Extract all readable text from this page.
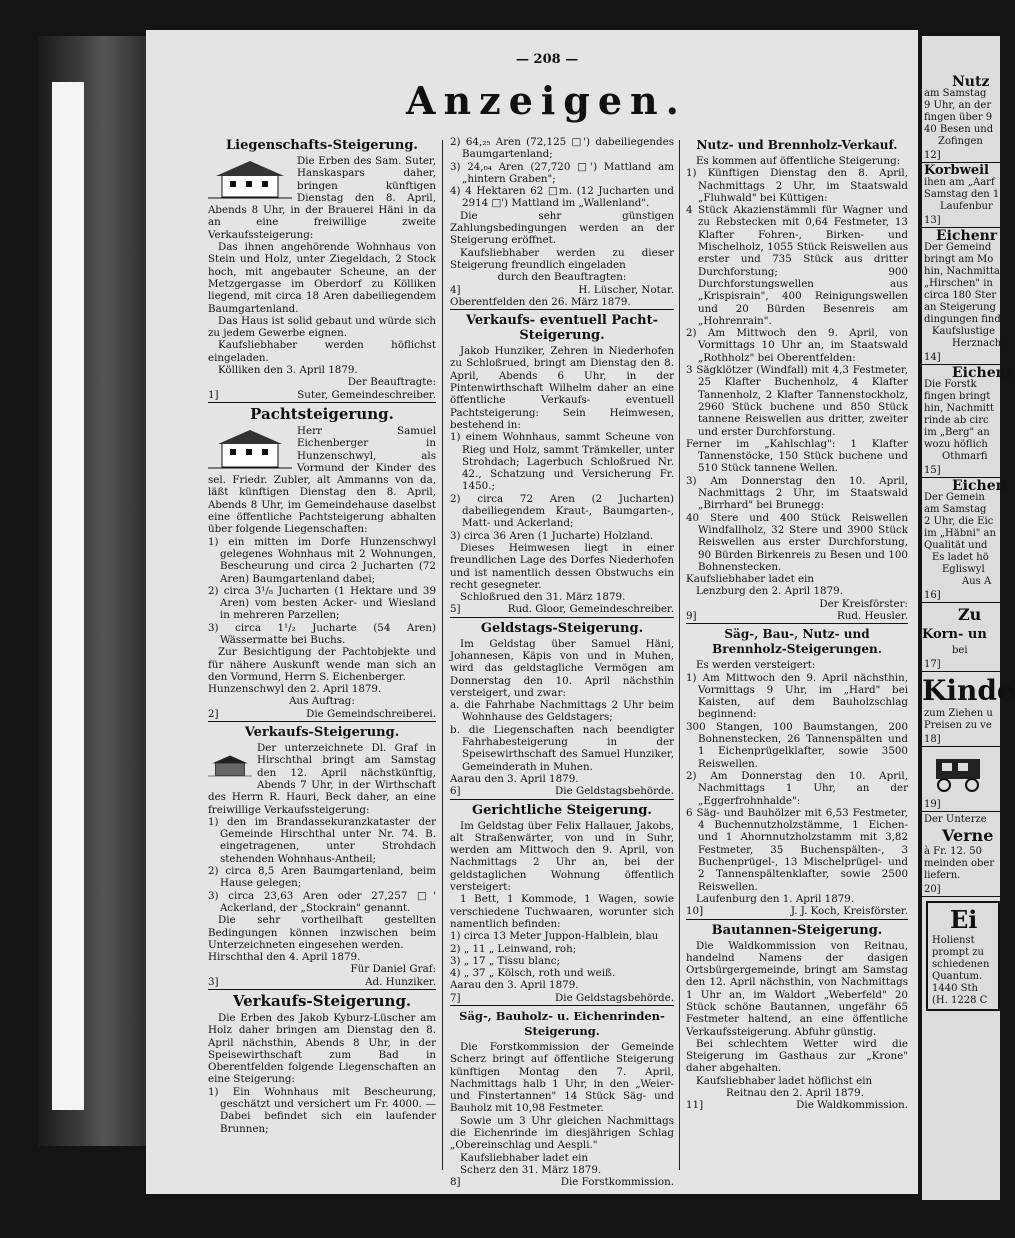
— 208 —
Anzeigen.
Liegenschafts-Steigerung.
Die Erben des Sam. Suter, Hanskaspars daher, bringen künftigen Dienstag den 8. April, Abends 8 Uhr, in der Brauerei Häni in da an eine freiwillige zweite Verkaufssteigerung:

Das ihnen angehörende Wohnhaus von Stein und Holz, unter Ziegeldach, 2 Stock hoch, mit angebauter Scheune, an der Metzgergasse im Oberdorf zu Kölliken liegend, mit circa 18 Aren dabeiliegendem Baumgartenland.

Das Haus ist solid gebaut und würde sich zu jedem Gewerbe eignen.

Kaufsliebhaber werden höflichst eingeladen.

Kölliken den 3. April 1879.
Der Beauftragte:
1]	Suter, Gemeindeschreiber.
Pachtsteigerung.
Herr Samuel Eichenberger in Hunzenschwyl, als Vormund der Kinder des sel. Friedr. Zubler, alt Ammanns von da, läßt künftigen Dienstag den 8. April, Abends 8 Uhr, im Gemeindehause daselbst eine öffentliche Pachtsteigerung abhalten über folgende Liegenschaften:

1) ein mitten im Dorfe Hunzenschwyl gelegenes Wohnhaus mit 2 Wohnungen, Bescheurung und circa 2 Jucharten (72 Aren) Baumgartenland dabei;

2) circa 3¹/₈ Jucharten (1 Hektare und 39 Aren) vom besten Acker- und Wiesland in mehreren Parzellen;

3) circa 1¹/₂ Jucharte (54 Aren) Wässermatte bei Buchs.

Zur Besichtigung der Pachtobjekte und für nähere Auskunft wende man sich an den Vormund, Herrn S. Eichenberger.

Hunzenschwyl den 2. April 1879.
Aus Auftrag:
2]	Die Gemeindschreiberei.
Verkaufs-Steigerung.
Der unterzeichnete Dl. Graf in Hirschthal bringt am Samstag den 12. April nächstkünftig, Abends 7 Uhr, in der Wirthschaft des Herrn R. Hauri, Beck daher, an eine freiwillige Verkaufssteigerung:

1) den im Brandassekuranzkataster der Gemeinde Hirschthal unter Nr. 74. B. eingetragenen, unter Strohdach stehenden Wohnhaus-Antheil;

2) circa 8,5 Aren Baumgartenland, beim Hause gelegen;

3) circa 23,63 Aren oder 27,257 □' Ackerland, der „Stockrain" genannt.

Die sehr vortheilhaft gestellten Bedingungen können inzwischen beim Unterzeichneten eingesehen werden.

Hirschthal den 4. April 1879.
Für Daniel Graf:
3]	Ad. Hunziker.
Verkaufs-Steigerung.

Die Erben des Jakob Kyburz-Lüscher am Holz daher bringen am Dienstag den 8. April nächsthin, Abends 8 Uhr, in der Speisewirthschaft zum Bad in Oberentfelden folgende Liegenschaften an eine Steigerung:

1) Ein Wohnhaus mit Bescheurung, geschätzt und versichert um Fr. 4000. — Dabei befindet sich ein laufender Brunnen;

2) 64,₂₅ Aren (72,125 □') dabeiliegendes Baumgartenland;

3) 24,₀₄ Aren (27,720 □') Mattland am „hintern Graben";

4) 4 Hektaren 62 □m. (12 Jucharten und 2914 □') Mattland im „Wallenland".

Die sehr günstigen Zahlungsbedingungen werden an der Steigerung eröffnet.

Kaufsliebhaber werden zu dieser Steigerung freundlich eingeladen

durch den Beauftragten:
4]	H. Lüscher, Notar.
Oberentfelden den 26. März 1879.
Verkaufs- eventuell Pacht-Steigerung.

Jakob Hunziker, Zehren in Niederhofen zu Schloßrued, bringt am Dienstag den 8. April, Abends 6 Uhr, in der Pintenwirthschaft Wilhelm daher an eine öffentliche Verkaufs- eventuell Pachtsteigerung: Sein Heimwesen, bestehend in:

1) einem Wohnhaus, sammt Scheune von Rieg und Holz, sammt Trämkeller, unter Strohdach; Lagerbuch Schloßrued Nr. 42., Schatzung und Versicherung Fr. 1450.;

2) circa 72 Aren (2 Jucharten) dabeiliegendem Kraut-, Baumgarten-, Matt- und Ackerland;

3) circa 36 Aren (1 Jucharte) Holzland.

Dieses Heimwesen liegt in einer freundlichen Lage des Dorfes Niederhofen und ist namentlich dessen Obstwuchs ein recht gesegneter.

Schloßrued den 31. März 1879.
5]	Rud. Gloor, Gemeindeschreiber.
Geldstags-Steigerung.

Im Geldstag über Samuel Häni, Johannesen, Käpis von und in Muhen, wird das geldstagliche Vermögen am Donnerstag den 10. April nächsthin versteigert, und zwar:

a. die Fahrhabe Nachmittags 2 Uhr beim Wohnhause des Geldstagers;

b. die Liegenschaften nach beendigter Fahrhabesteigerung in der Speisewirthschaft des Samuel Hunziker, Gemeinderath in Muhen.

Aarau den 3. April 1879.
6]	Die Geldstagsbehörde.
Gerichtliche Steigerung.

Im Geldstag über Felix Hallauer, Jakobs, alt Straßenwärter, von und in Suhr, werden am Mittwoch den 9. April, von Nachmittags 2 Uhr an, bei der geldstaglichen Wohnung öffentlich versteigert:

1 Bett, 1 Kommode, 1 Wagen, sowie verschiedene Tuchwaaren, worunter sich namentlich befinden:

1) circa 13 Meter Juppon-Halblein, blau

2) „ 11 „ Leinwand, roh;

3) „ 17 „ Tissu blanc;

4) „ 37 „ Kölsch, roth und weiß.

Aarau den 3. April 1879.
7]	Die Geldstagsbehörde.
Säg-, Bauholz- u. Eichenrinden-Steigerung.

Die Forstkommission der Gemeinde Scherz bringt auf öffentliche Steigerung künftigen Montag den 7. April, Nachmittags halb 1 Uhr, in den „Weier- und Finstertannen" 14 Stück Säg- und Bauholz mit 10,98 Festmeter.

Sowie um 3 Uhr gleichen Nachmittags die Eichenrinde im diesjährigen Schlag „Obereinschlag und Aespli."

Kaufsliebhaber ladet ein

Scherz den 31. März 1879.
8]	Die Forstkommission.
Nutz- und Brennholz-Verkauf.

Es kommen auf öffentliche Steigerung:

1) Künftigen Dienstag den 8. April, Nachmittags 2 Uhr, im Staatswald „Fluhwald" bei Küttigen:

4 Stück Akazienstämmli für Wagner und zu Rebstecken mit 0,64 Festmeter, 13 Klafter Fohren-, Birken- und Mischelholz, 1055 Stück Reiswellen aus erster und 735 Stück aus dritter Durchforstung; 900 Durchforstungswellen aus „Krispisrain", 400 Reinigungswellen und 20 Bürden Besenreis am „Hohrenrain".

2) Am Mittwoch den 9. April, von Vormittags 10 Uhr an, im Staatswald „Rothholz" bei Oberentfelden:

3 Sägklötzer (Windfall) mit 4,3 Festmeter, 25 Klafter Buchenholz, 4 Klafter Tannenholz, 2 Klafter Tannenstockholz, 2960 Stück buchene und 850 Stück tannene Reiswellen aus dritter, zweiter und erster Durchforstung.

Ferner im „Kahlschlag": 1 Klafter Tannenstöcke, 150 Stück buchene und 510 Stück tannene Wellen.

3) Am Donnerstag den 10. April, Nachmittags 2 Uhr, im Staatswald „Birrhard" bei Brunegg:

40 Stere und 400 Stück Reiswellen Windfallholz, 32 Stere und 3900 Stück Reiswellen aus erster Durchforstung, 90 Bürden Birkenreis zu Besen und 100 Bohnenstecken.

Kaufsliebhaber ladet ein
Lenzburg den 2. April 1879.
Der Kreisförster:
9]	Rud. Heusler.
Säg-, Bau-, Nutz- und Brennholz-Steigerungen.

Es werden versteigert:

1) Am Mittwoch den 9. April nächsthin, Vormittags 9 Uhr, im „Hard" bei Kaisten, auf dem Bauholzschlag beginnend:

300 Stangen, 100 Baumstangen, 200 Bohnenstecken, 26 Tannenspälten und 1 Eichenprügelklafter, sowie 3500 Reiswellen.

2) Am Donnerstag den 10. April, Nachmittags 1 Uhr, an der „Eggerfrohnhalde":

6 Säg- und Bauhölzer mit 6,53 Festmeter, 4 Buchennutzholzstämme, 1 Eichen- und 1 Ahornnutzholzstamm mit 3,82 Festmeter, 35 Buchenspälten-, 3 Buchenprügel-, 13 Mischelprügel- und 2 Tannenspältenklafter, sowie 2500 Reiswellen.

Laufenburg den 1. April 1879.
10]	J. J. Koch, Kreisförster.
Bautannen-Steigerung.

Die Waldkommission von Reitnau, handelnd Namens der dasigen Ortsbürgergemeinde, bringt am Samstag den 12. April nächsthin, von Nachmittags 1 Uhr an, im Waldort „Weberfeld" 20 Stück schöne Bautannen, ungefähr 65 Festmeter haltend, an eine öffentliche Verkaufssteigerung. Abfuhr günstig.

Bei schlechtem Wetter wird die Steigerung im Gasthaus zur „Krone" daher abgehalten.

Kaufsliebhaber ladet höflichst ein

Reitnau den 2. April 1879.
11]	Die Waldkommission.
Nutz
am Samstag
9 Uhr, an der
fingen über 9
40 Besen und
Zofingen
12]
Korbweil
ihen am „Aarf
Samstag den 1
Laufenbur
13]
Eichenr
Der Gemeind
bringt am Mo
hin, Nachmitta
„Hirschen" in
circa 180 Ster
an Steigerung
dingungen find
Kaufslustige
Herznach
14]
Eichenr
Die Forstk
fingen bringt
hin, Nachmitt
rinde ab circ
im „Berg" an
wozu höflich
Othmarfi
15]
Eichen
Der Gemein
am Samstag
2 Uhr, die Eic
im „Häbni" an
Qualität und
Es ladet hö
Egliswyl
Aus A
16]
Zu
Korn- un
bei
17]
Kinde
zum Ziehen u
Preisen zu ve
18]
19]
Der Unterze
Verne
à Fr. 12. 50
meinden ober
liefern.
20]
Ei
Holienst
prompt zu
schiedenen
Quantum.
1440 Sth
(H. 1228 C
